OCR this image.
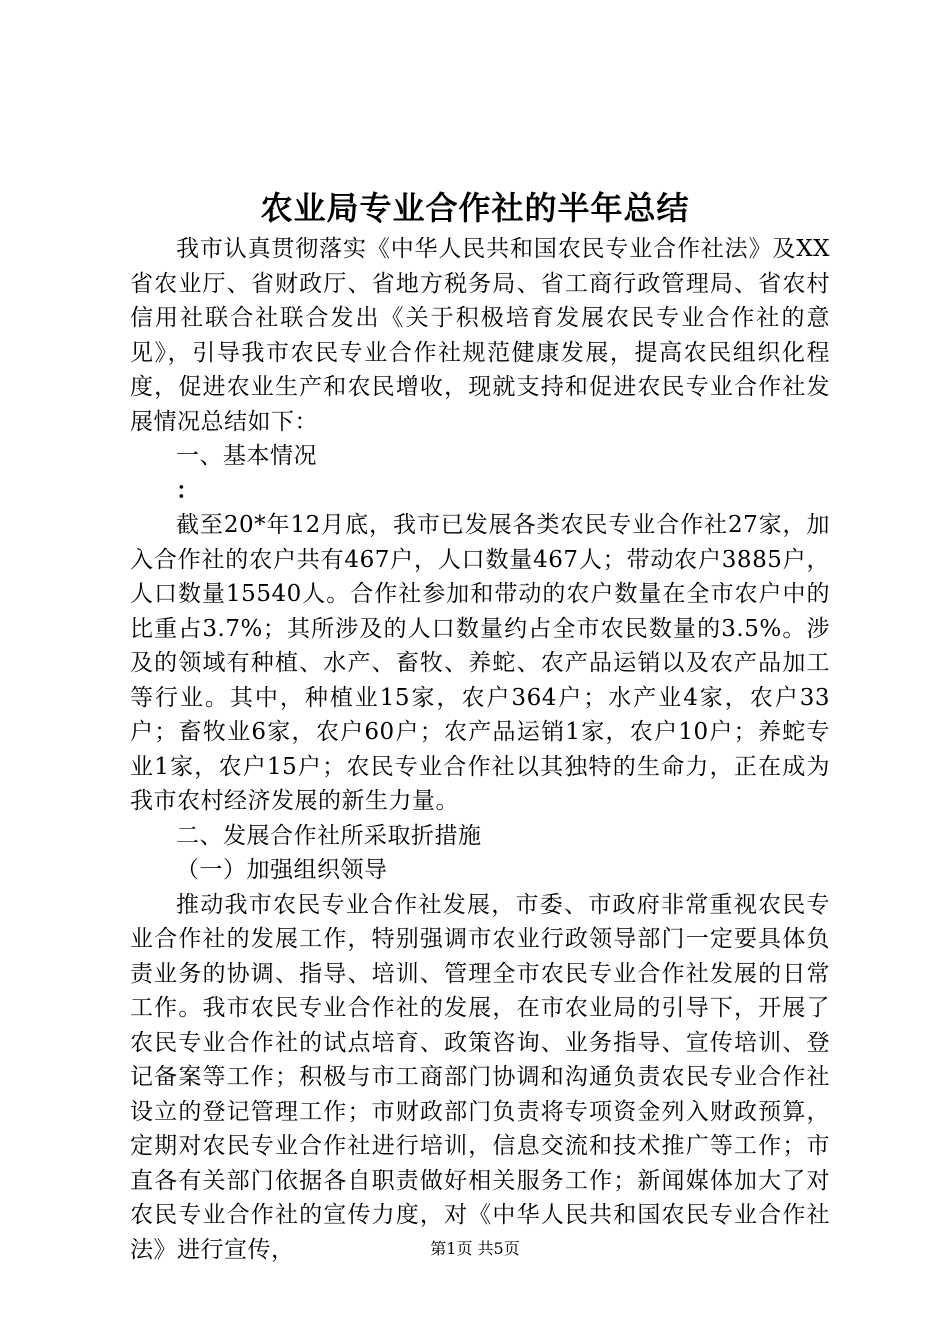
农业局专业合作社的半年总结

我市认真贯彻落实《中华人民共和国农民专业合作社法》及XX省农业厅、省财政厅、省地方税务局、省工商行政管理局、省农村信用社联合社联合发出《关于积极培育发展农民专业合作社的意见》，引导我市农民专业合作社规范健康发展，提高农民组织化程度，促进农业生产和农民增收，现就支持和促进农民专业合作社发展情况总结如下：

一、基本情况

：

截至20*年12月底，我市已发展各类农民专业合作社27家，加入合作社的农户共有467户，人口数量467人；带动农户3885户，人口数量15540人。合作社参加和带动的农户数量在全市农户中的比重占3.7%；其所涉及的人口数量约占全市农民数量的3.5%。涉及的领域有种植、水产、畜牧、养蛇、农产品运销以及农产品加工等行业。其中，种植业15家，农户364户；水产业4家，农户33户；畜牧业6家，农户60户；农产品运销1家，农户10户；养蛇专业1家，农户15户；农民专业合作社以其独特的生命力，正在成为我市农村经济发展的新生力量。

二、发展合作社所采取折措施

（一）加强组织领导

推动我市农民专业合作社发展，市委、市政府非常重视农民专业合作社的发展工作，特别强调市农业行政领导部门一定要具体负责业务的协调、指导、培训、管理全市农民专业合作社发展的日常工作。我市农民专业合作社的发展，在市农业局的引导下，开展了农民专业合作社的试点培育、政策咨询、业务指导、宣传培训、登记备案等工作；积极与市工商部门协调和沟通负责农民专业合作社设立的登记管理工作；市财政部门负责将专项资金列入财政预算，定期对农民专业合作社进行培训，信息交流和技术推广等工作；市直各有关部门依据各自职责做好相关服务工作；新闻媒体加大了对农民专业合作社的宣传力度，对《中华人民共和国农民专业合作社法》进行宣传，	第1页 共5页
